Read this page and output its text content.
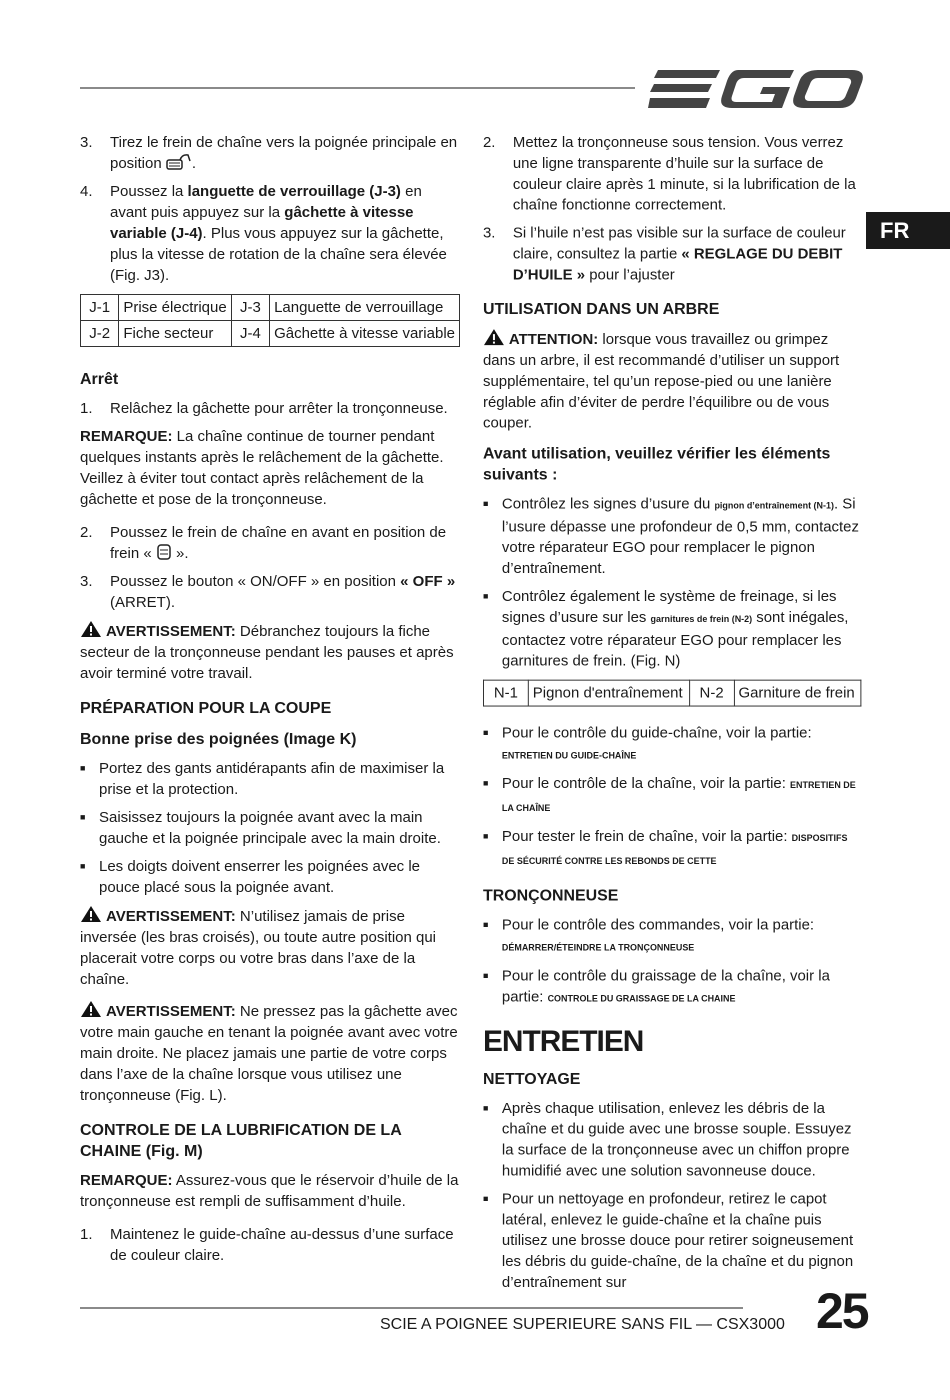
FR
3.	Tirez le frein de chaîne vers la poignée principale en position .
4.	Poussez la languette de verrouillage (J-3) en avant puis appuyez sur la gâchette à vitesse variable (J-4). Plus vous appuyez sur la gâchette, plus la vitesse de rotation de la chaîne sera élevée (Fig. J3).
J-1	Prise électrique	J-3	Languette de verrouillage
J-2	Fiche secteur	J-4	Gâchette à vitesse variable
Arrêt
1.	Relâchez la gâchette pour arrêter la tronçonneuse.
REMARQUE: La chaîne continue de tourner pendant quelques instants après le relâchement de la gâchette. Veillez à éviter tout contact après relâchement de la gâchette et pose de la tronçonneuse.
2.	Poussez le frein de chaîne en avant en position de frein «  ».
3.	Poussez le bouton « ON/OFF » en position « OFF » (ARRET).
AVERTISSEMENT: Débranchez toujours la fiche secteur de la tronçonneuse pendant les pauses et après avoir terminé votre travail.
PRÉPARATION POUR LA COUPE
Bonne prise des poignées (Image K)
■ Portez des gants antidérapants afin de maximiser la prise et la protection.
■ Saisissez toujours la poignée avant avec la main gauche et la poignée principale avec la main droite.
■ Les doigts doivent enserrer les poignées avec le pouce placé sous la poignée avant.
AVERTISSEMENT: N’utilisez jamais de prise inversée (les bras croisés), ou toute autre position qui placerait votre corps ou votre bras dans l’axe de la chaîne.
AVERTISSEMENT: Ne pressez pas la gâchette avec votre main gauche en tenant la poignée avant avec votre main droite. Ne placez jamais une partie de votre corps dans l’axe de la chaîne lorsque vous utilisez une tronçonneuse (Fig. L).
CONTROLE DE LA LUBRIFICATION DE LA CHAINE (Fig. M)
REMARQUE: Assurez-vous que le réservoir d’huile de la tronçonneuse est rempli de suffisamment d’huile.
1.	Maintenez le guide-chaîne au-dessus d’une surface de couleur claire.
2.	Mettez la tronçonneuse sous tension. Vous verrez une ligne transparente d’huile sur la surface de couleur claire après 1 minute, si la lubrification de la chaîne fonctionne correctement.
3.	Si l’huile n’est pas visible sur la surface de couleur claire, consultez la partie « REGLAGE DU DEBIT D’HUILE » pour l’ajuster
UTILISATION DANS UN ARBRE
ATTENTION: lorsque vous travaillez ou grimpez dans un arbre, il est recommandé d’utiliser un support supplémentaire, tel qu’un repose-pied ou une lanière réglable afin d’éviter de perdre l’équilibre ou de vous couper.
Avant utilisation, veuillez vérifier les éléments suivants :
■ Contrôlez les signes d’usure du pignon d’entraînement (N-1). Si l’usure dépasse une profondeur de 0,5 mm, contactez votre réparateur EGO pour remplacer le pignon d’entraînement.
■ Contrôlez également le système de freinage, si les signes d’usure sur les garnitures de frein (N-2) sont inégales, contactez votre réparateur EGO pour remplacer les garnitures de frein. (Fig. N)
N-1	Pignon d'entraînement	N-2	Garniture de frein
■ Pour le contrôle du guide-chaîne, voir la partie: ENTRETIEN DU GUIDE-CHAÎNE
■ Pour le contrôle de la chaîne, voir la partie: ENTRETIEN DE LA CHAÎNE
■ Pour tester le frein de chaîne, voir la partie: DISPOSITIFS DE SÉCURITÉ CONTRE LES REBONDS DE CETTE
TRONÇONNEUSE
■ Pour le contrôle des commandes, voir la partie: DÉMARRER/ÉTEINDRE LA TRONÇONNEUSE
■ Pour le contrôle du graissage de la chaîne, voir la partie: CONTROLE DU GRAISSAGE DE LA CHAINE
ENTRETIEN
NETTOYAGE
■ Après chaque utilisation, enlevez les débris de la chaîne et du guide avec une brosse souple. Essuyez la surface de la tronçonneuse avec un chiffon propre humidifié avec une solution savonneuse douce.
■ Pour un nettoyage en profondeur, retirez le capot latéral, enlevez le guide-chaîne et la chaîne puis utilisez une brosse douce pour retirer soigneusement les débris du guide-chaîne, de la chaîne et du pignon d’entraînement sur
SCIE A POIGNEE SUPERIEURE SANS FIL — CSX3000 25
